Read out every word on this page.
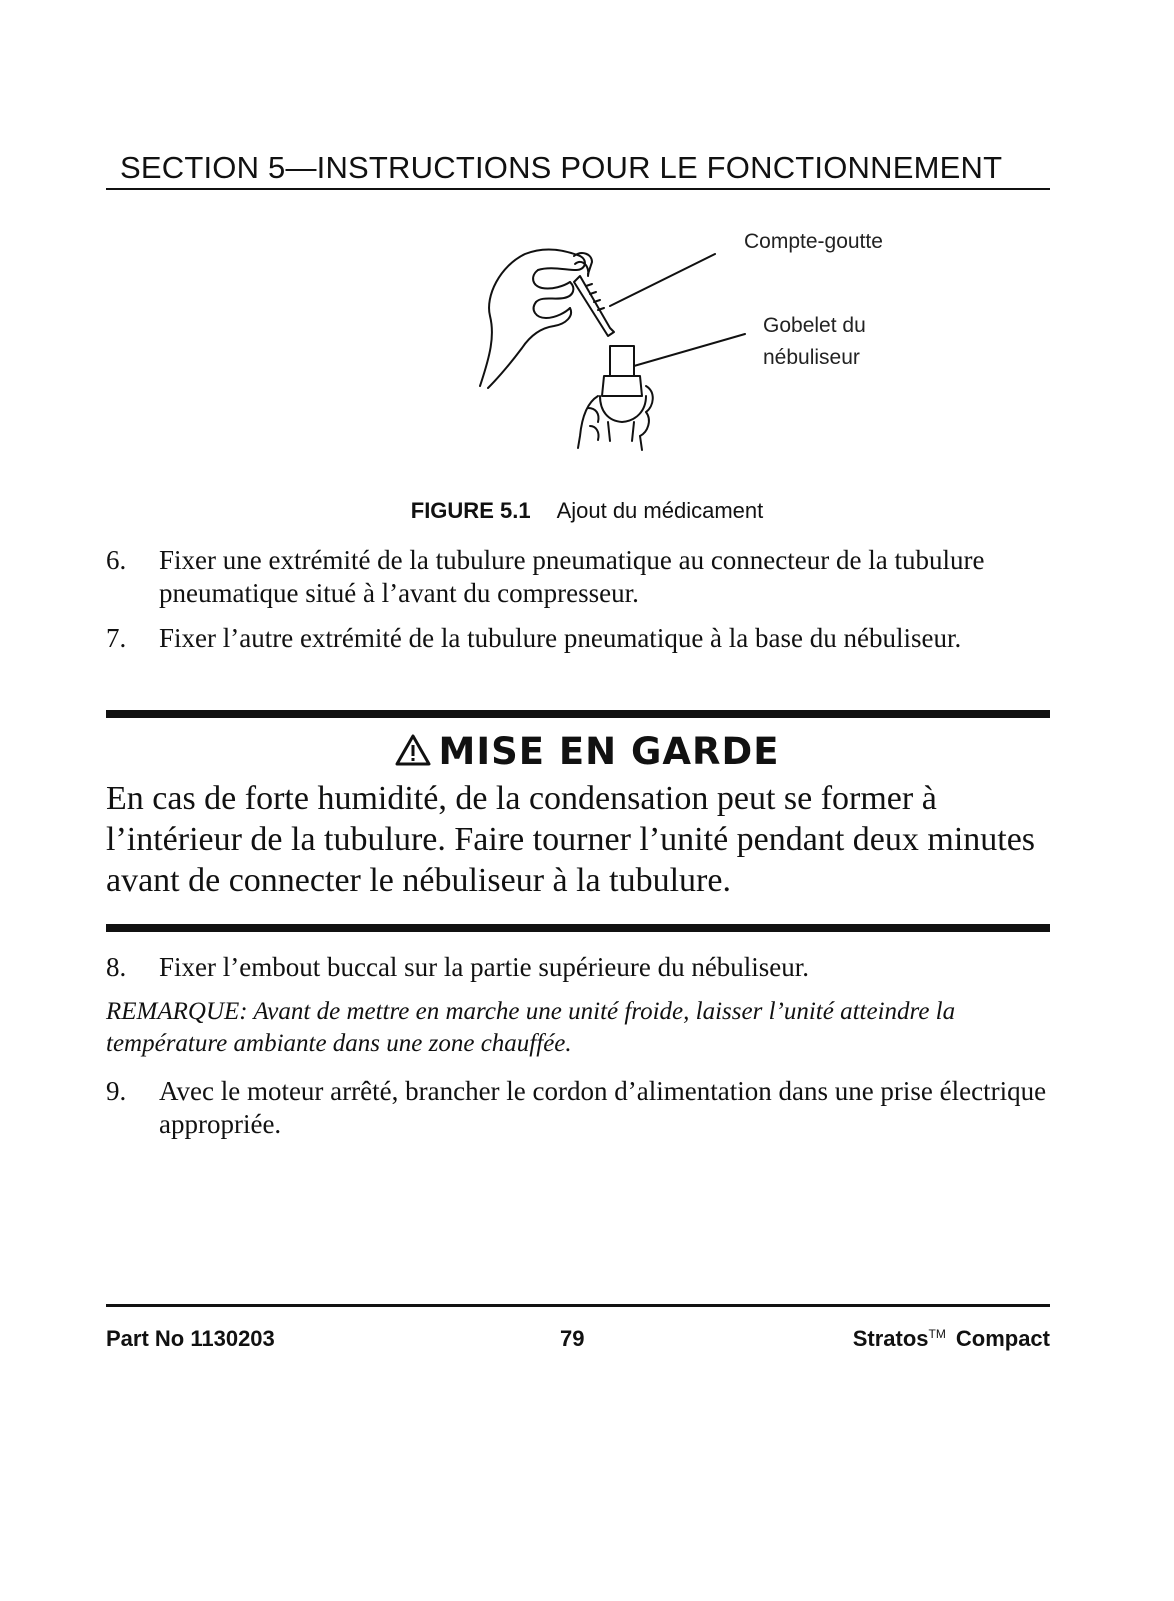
SECTION 5—INSTRUCTIONS POUR LE FONCTIONNEMENT
Compte-goutte
Gobelet du
nébuliseur
FIGURE 5.1 Ajout du médicament
6. Fixer une extrémité de la tubulure pneumatique au connecteur de la tubulure pneumatique situé à l’avant du compresseur.
7. Fixer l’autre extrémité de la tubulure pneumatique à la base du nébuliseur.
MISE EN GARDE
En cas de forte humidité, de la condensation peut se former à l’intérieur de la tubulure. Faire tourner l’unité pendant deux minutes avant de connecter le nébuliseur à la tubulure.
8. Fixer l’embout buccal sur la partie supérieure du nébuliseur.
REMARQUE: Avant de mettre en marche une unité froide, laisser l’unité atteindre la température ambiante dans une zone chauffée.
9. Avec le moteur arrêté, brancher le cordon d’alimentation dans une prise électrique appropriée.
Part No 1130203	79	Stratos™ Compact
